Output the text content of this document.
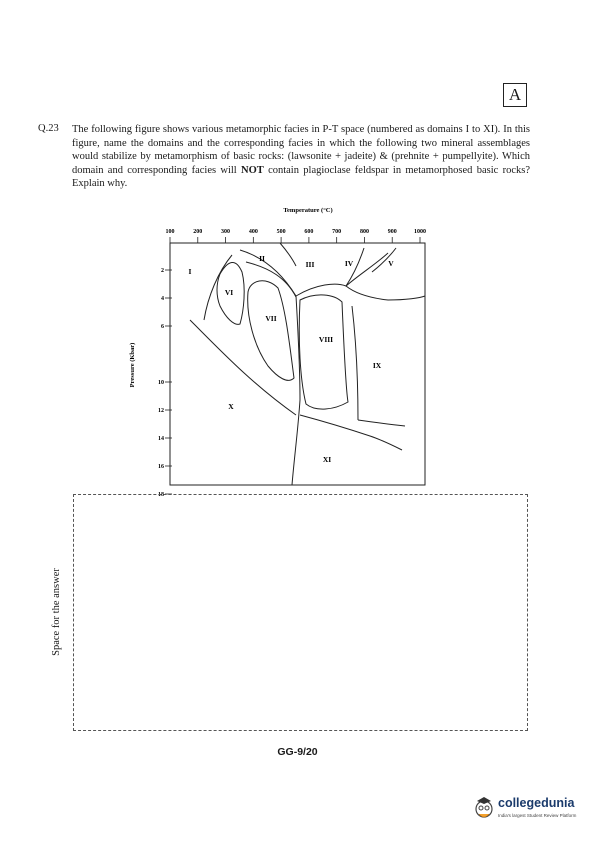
A
Q.23 The following figure shows various metamorphic facies in P-T space (numbered as domains I to XI). In this figure, name the domains and the corresponding facies in which the following two mineral assemblages would stabilize by metamorphism of basic rocks: (lawsonite + jadeite) & (prehnite + pumpellyite). Which domain and corresponding facies will NOT contain plagioclase feldspar in metamorphosed basic rocks? Explain why.
Temperature (°C)
100	200	300	400	500	600	700	800	900	1000
2
4
6
10
12
14
16
18
Pressure (Kbar)
I
II
III	IV	V
VI
VII
VIII
IX
X
XI
Space for the answer
GG-9/20
collegedunia
India's largest Student Review Platform
